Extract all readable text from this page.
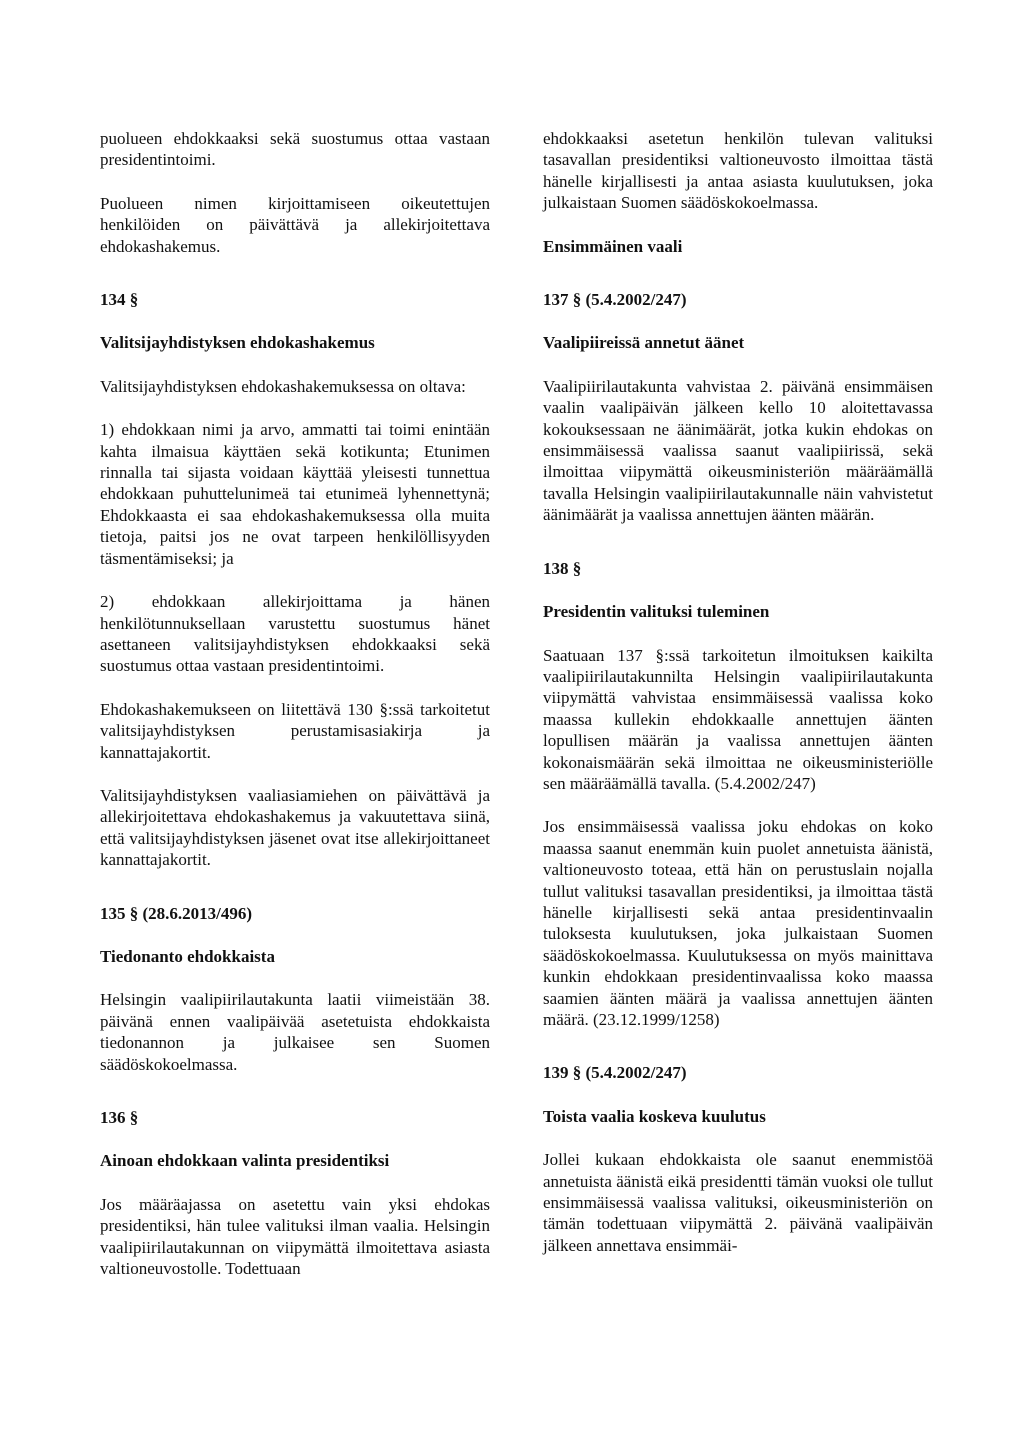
puolueen ehdokkaaksi sekä suostumus ottaa vastaan presidentintoimi.

Puolueen nimen kirjoittamiseen oikeutettujen henkilöiden on päivättävä ja allekirjoitettava ehdokashakemus.

134 §
Valitsijayhdistyksen ehdokashakemus

Valitsijayhdistyksen ehdokashakemuksessa on oltava:

1) ehdokkaan nimi ja arvo, ammatti tai toimi enintään kahta ilmaisua käyttäen sekä kotikunta; Etunimen rinnalla tai sijasta voidaan käyttää yleisesti tunnettua ehdokkaan puhuttelunimeä tai etunimeä lyhennettynä; Ehdokkaasta ei saa ehdokashakemuksessa olla muita tietoja, paitsi jos ne ovat tarpeen henkilöllisyyden täsmentämiseksi; ja

2) ehdokkaan allekirjoittama ja hänen henkilötunnuksellaan varustettu suostumus hänet asettaneen valitsijayhdistyksen ehdokkaaksi sekä suostumus ottaa vastaan presidentintoimi.

Ehdokashakemukseen on liitettävä 130 §:ssä tarkoitetut valitsijayhdistyksen perustamisasiakirja ja kannattajakortit.

Valitsijayhdistyksen vaaliasiamiehen on päivättävä ja allekirjoitettava ehdokashakemus ja vakuutettava siinä, että valitsijayhdistyksen jäsenet ovat itse allekirjoittaneet kannattajakortit.

135 § (28.6.2013/496)
Tiedonanto ehdokkaista

Helsingin vaalipiirilautakunta laatii viimeistään 38. päivänä ennen vaalipäivää asetetuista ehdokkaista tiedonannon ja julkaisee sen Suomen säädöskokoelmassa.

136 §
Ainoan ehdokkaan valinta presidentiksi

Jos määräajassa on asetettu vain yksi ehdokas presidentiksi, hän tulee valituksi ilman vaalia. Helsingin vaalipiirilautakunnan on viipymättä ilmoitettava asiasta valtioneuvostolle. Todettuaan

ehdokkaaksi asetetun henkilön tulevan valituksi tasavallan presidentiksi valtioneuvosto ilmoittaa tästä hänelle kirjallisesti ja antaa asiasta kuulutuksen, joka julkaistaan Suomen säädöskokoelmassa.

Ensimmäinen vaali
137 § (5.4.2002/247)
Vaalipiireissä annetut äänet

Vaalipiirilautakunta vahvistaa 2. päivänä ensimmäisen vaalin vaalipäivän jälkeen kello 10 aloitettavassa kokouksessaan ne äänimäärät, jotka kukin ehdokas on ensimmäisessä vaalissa saanut vaalipiirissä, sekä ilmoittaa viipymättä oikeusministeriön määräämällä tavalla Helsingin vaalipiirilautakunnalle näin vahvistetut äänimäärät ja vaalissa annettujen äänten määrän.

138 §
Presidentin valituksi tuleminen

Saatuaan 137 §:ssä tarkoitetun ilmoituksen kaikilta vaalipiirilautakunnilta Helsingin vaalipiirilautakunta viipymättä vahvistaa ensimmäisessä vaalissa koko maassa kullekin ehdokkaalle annettujen äänten lopullisen määrän ja vaalissa annettujen äänten kokonaismäärän sekä ilmoittaa ne oikeusministeriölle sen määräämällä tavalla. (5.4.2002/247)

Jos ensimmäisessä vaalissa joku ehdokas on koko maassa saanut enemmän kuin puolet annetuista äänistä, valtioneuvosto toteaa, että hän on perustuslain nojalla tullut valituksi tasavallan presidentiksi, ja ilmoittaa tästä hänelle kirjallisesti sekä antaa presidentinvaalin tuloksesta kuulutuksen, joka julkaistaan Suomen säädöskokoelmassa. Kuulutuksessa on myös mainittava kunkin ehdokkaan presidentinvaalissa koko maassa saamien äänten määrä ja vaalissa annettujen äänten määrä. (23.12.1999/1258)

139 § (5.4.2002/247)
Toista vaalia koskeva kuulutus

Jollei kukaan ehdokkaista ole saanut enemmistöä annetuista äänistä eikä presidentti tämän vuoksi ole tullut ensimmäisessä vaalissa valituksi, oikeusministeriön on tämän todettuaan viipymättä 2. päivänä vaalipäivän jälkeen annettava ensimmäi-
